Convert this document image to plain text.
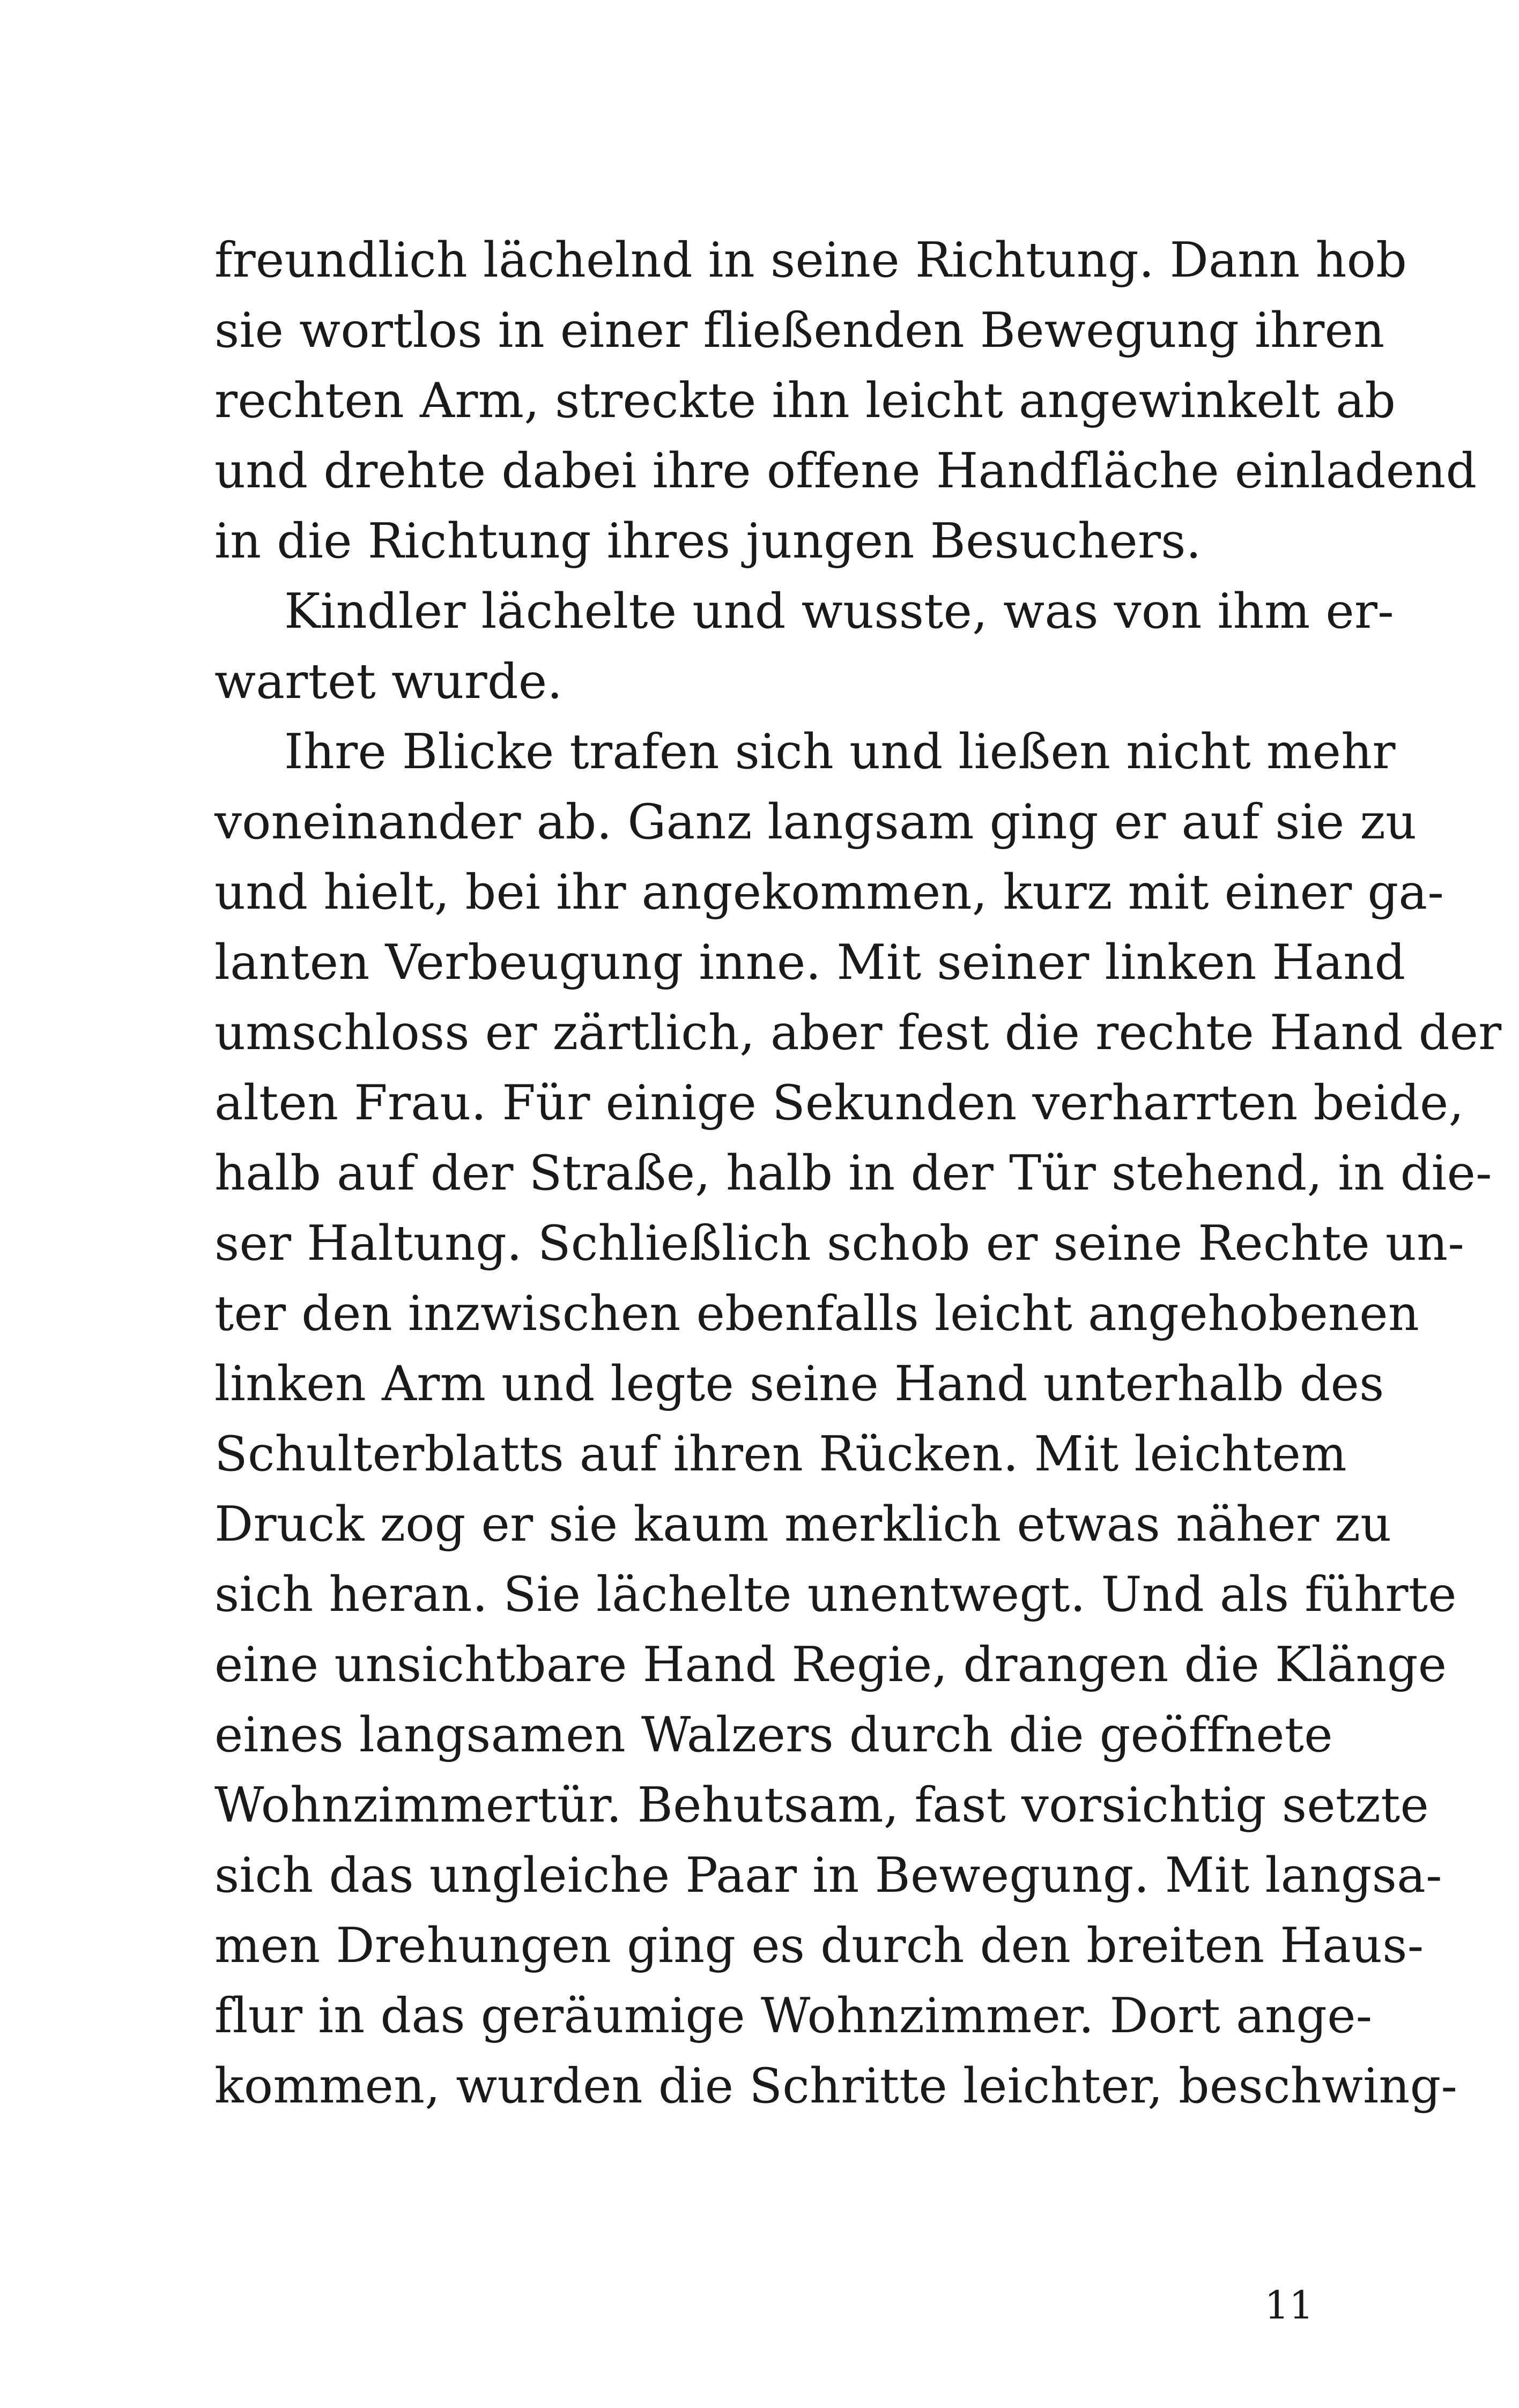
freundlich lächelnd in seine Richtung. Dann hob
sie wortlos in einer fließenden Bewegung ihren
rechten Arm, streckte ihn leicht angewinkelt ab
und drehte dabei ihre offene Handfläche einladend
in die Richtung ihres jungen Besuchers.
Kindler lächelte und wusste, was von ihm er-
wartet wurde.
Ihre Blicke trafen sich und ließen nicht mehr
voneinander ab. Ganz langsam ging er auf sie zu
und hielt, bei ihr angekommen, kurz mit einer ga-
lanten Verbeugung inne. Mit seiner linken Hand
umschloss er zärtlich, aber fest die rechte Hand der
alten Frau. Für einige Sekunden verharrten beide,
halb auf der Straße, halb in der Tür stehend, in die-
ser Haltung. Schließlich schob er seine Rechte un-
ter den inzwischen ebenfalls leicht angehobenen
linken Arm und legte seine Hand unterhalb des
Schulterblatts auf ihren Rücken. Mit leichtem
Druck zog er sie kaum merklich etwas näher zu
sich heran. Sie lächelte unentwegt. Und als führte
eine unsichtbare Hand Regie, drangen die Klänge
eines langsamen Walzers durch die geöffnete
Wohnzimmertür. Behutsam, fast vorsichtig setzte
sich das ungleiche Paar in Bewegung. Mit langsa-
men Drehungen ging es durch den breiten Haus-
flur in das geräumige Wohnzimmer. Dort ange-
kommen, wurden die Schritte leichter, beschwing-
11
